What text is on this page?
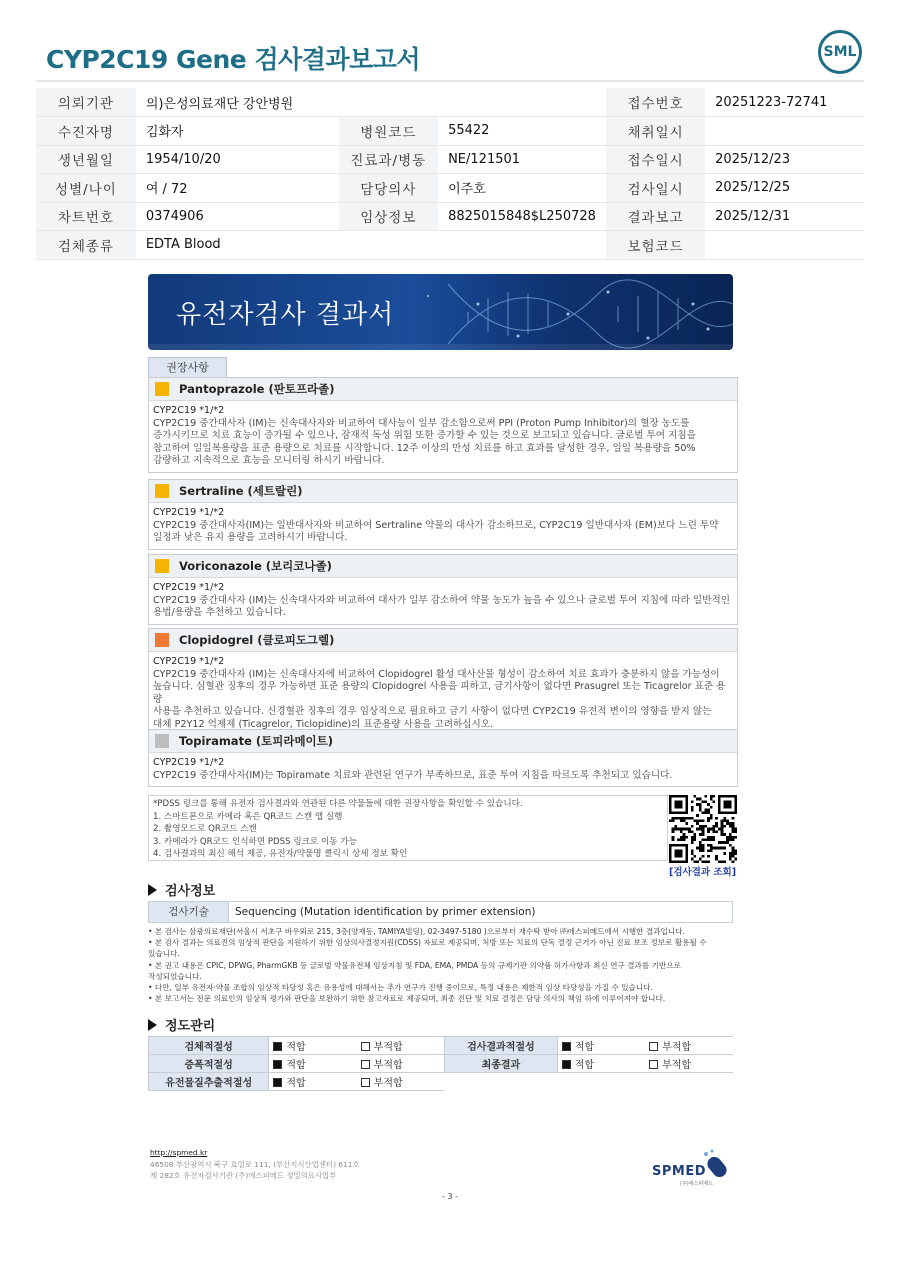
CYP2C19 Gene 검사결과보고서	SML
의뢰기관	의)은성의료재단 강안병원			접수번호	20251223-72741
수진자명	김화자	병원코드	55422	채취일시	
생년월일	1954/10/20	진료과/병동	NE/121501	접수일시	2025/12/23
성별/나이	여 / 72	담당의사	이주호	검사일시	2025/12/25
차트번호	0374906	임상정보	8825015848$L250728	결과보고	2025/12/31
검체종류	EDTA Blood			보험코드	
유전자검사 결과서
권장사항
Pantoprazole (판토프라졸)
CYP2C19 *1/*2
CYP2C19 중간대사자 (IM)는 신속대사자와 비교하여 대사능이 일부 감소함으로써 PPI (Proton Pump Inhibitor)의 혈장 농도를
증가시키므로 치료 효능이 증가될 수 있으나, 잠재적 독성 위험 또한 증가할 수 있는 것으로 보고되고 있습니다. 글로벌 투여 지침을
참고하여 일일복용량을 표준 용량으로 치료를 시작합니다. 12주 이상의 만성 치료를 하고 효과를 달성한 경우, 일일 복용량을 50%
감량하고 지속적으로 효능을 모니터링 하시기 바랍니다.
Sertraline (세트랄린)
CYP2C19 *1/*2
CYP2C19 중간대사자(IM)는 일반대사자와 비교하여 Sertraline 약물의 대사가 감소하므로, CYP2C19 일반대사자 (EM)보다 느린 투약
일정과 낮은 유지 용량을 고려하시기 바랍니다.
Voriconazole (보리코나졸)
CYP2C19 *1/*2
CYP2C19 중간대사자 (IM)는 신속대사자와 비교하여 대사가 일부 감소하여 약물 농도가 높을 수 있으나 글로벌 투여 지침에 따라 일반적인
용법/용량을 추천하고 있습니다.
Clopidogrel (클로피도그렐)
CYP2C19 *1/*2
CYP2C19 중간대사자 (IM)는 신속대사자에 비교하여 Clopidogrel 활성 대사산물 형성이 감소하여 치료 효과가 충분하지 않을 가능성이
높습니다. 심혈관 징후의 경우 가능하면 표준 용량의 Clopidogrel 사용을 피하고, 금기사항이 없다면 Prasugrel 또는 Ticagrelor 표준 용량
사용을 추천하고 있습니다. 신경혈관 징후의 경우 임상적으로 필요하고 금기 사항이 없다면 CYP2C19 유전적 변이의 영향을 받지 않는
대체 P2Y12 억제제 (Ticagrelor, Ticlopidine)의 표준용량 사용을 고려하십시오.
Topiramate (토피라메이트)
CYP2C19 *1/*2
CYP2C19 중간대사자(IM)는 Topiramate 치료와 관련된 연구가 부족하므로, 표준 투여 지침을 따르도록 추천되고 있습니다.
*PDSS 링크를 통해 유전자 검사결과와 연관된 다른 약물들에 대한 권장사항을 확인할 수 있습니다.
1. 스마트폰으로 카메라 혹은 QR코드 스캔 앱 실행
2. 촬영모드로 QR코드 스캔
3. 카메라가 QR코드 인식하면 PDSS 링크로 이동 가능
4. 검사결과의 최신 해석 제공, 유전자/약물명 클릭시 상세 정보 확인
[검사결과 조회]
검사정보
검사기술	Sequencing (Mutation identification by primer extension)
• 본 검사는 삼광의료재단(서울시 서초구 바우뫼로 215, 3층(양재동, TAMIYA빌딩), 02-3497-5180 )으로부터 재수탁 받아 ㈜에스피메드에서 시행한 결과입니다.
• 본 검사 결과는 의료진의 임상적 판단을 지원하기 위한 임상의사결정지원(CDSS) 자료로 제공되며, 처방 또는 치료의 단독 결정 근거가 아닌 진료 보조 정보로 활용될 수
있습니다.
• 본 권고 내용은 CPIC, DPWG, PharmGKB 등 글로벌 약물유전체 임상지침 및 FDA, EMA, PMDA 등의 규제기관 의약품 허가사항과 최신 연구 결과를 기반으로
작성되었습니다.
• 다만, 일부 유전자·약물 조합의 임상적 타당성 혹은 유용성에 대해서는 추가 연구가 진행 중이므로, 특정 내용은 제한적 임상 타당성을 가질 수 있습니다.
• 본 보고서는 전문 의료인의 임상적 평가와 판단을 보완하기 위한 참고자료로 제공되며, 최종 진단 및 치료 결정은 담당 의사의 책임 하에 이루어져야 합니다.
정도관리
검체적절성	적합	부적합	검사결과적절성	적합	부적합
증폭적절성	적합	부적합	최종결과	적합	부적합
유전물질추출적절성	적합	부적합			
http://spmed.kr
46508 부산광역시 북구 효열로 111, (부산지식산업센터) 611호
제 282호 유전자검사기관 (주)에스피메드 정밀의료사업부	SPMED
(주)에스피메드
- 3 -
